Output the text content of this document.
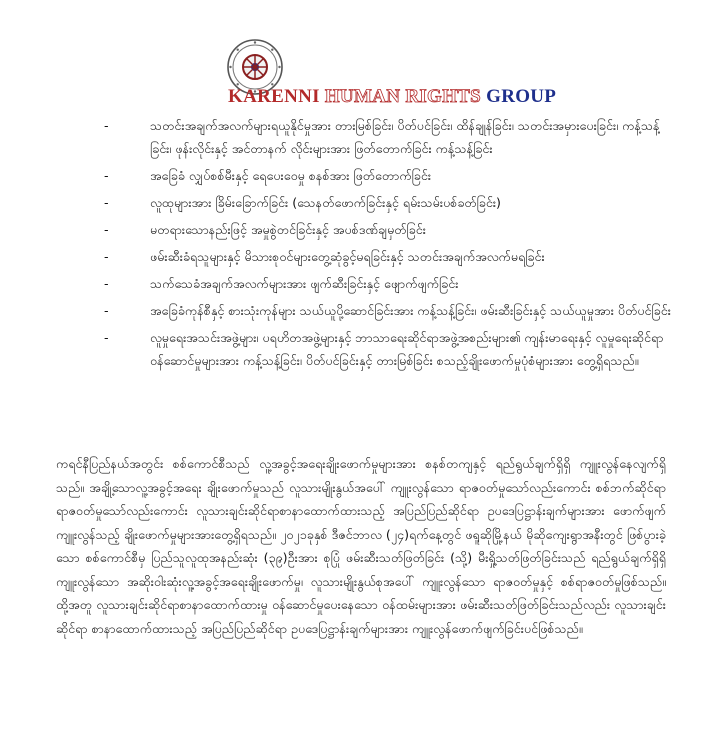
KARENNI HUMAN RIGHTS GROUP
-	သတင်းအချက်အလက်များရယူနိုင်မှုအား တားမြစ်ခြင်း၊ ပိတ်ပင်ခြင်း၊ ထိန်ချုန်ခြင်း၊ သတင်းအမှားပေးခြင်း၊ ကန့်သန့်ခြင်း၊ ဖုန်းလိုင်းနှင့် အင်တာနက် လိုင်းများအား ဖြတ်တောက်ခြင်း ကန့်သန့်ခြင်း
-	အခြေခံ လျှပ်စစ်မီးနှင့် ရေပေးဝေမှု စနစ်အား ဖြတ်တောက်ခြင်း
-	လူထုများအား ခြိမ်းခြောက်ခြင်း (သေနတ်ဖောက်ခြင်းနှင့် ရမ်းသမ်းပစ်ခတ်ခြင်း)
-	မတရားသောနည်းဖြင့် အမှုစွဲတင်ခြင်းနှင့် အပစ်ဒဏ်ချမှတ်ခြင်း
-	ဖမ်းဆီးခံရသူများနှင့် မိသားစုဝင်များတွေ့ဆုံခွင့်မရခြင်းနှင့် သတင်းအချက်အလက်မရခြင်း
-	သက်သေခံအချက်အလက်များအား ဖျက်ဆီးခြင်းနှင့် ဖျောက်ဖျက်ခြင်း
-	အခြေခံကုန်စီနှင့် စားသုံးကုန်များ သယ်ယူပို့ဆောင်ခြင်းအား ကန့်သန့်ခြင်း၊ ဖမ်းဆီးခြင်းနှင့် သယ်ယူမှုအား ပိတ်ပင်ခြင်း
-	လူမှုရေးအသင်းအဖွဲ့များ၊ ပရဟိတအဖွဲ့များနှင့် ဘာသာရေးဆိုင်ရာအဖွဲ့အစည်းများ၏ ကျန်းမာရေးနှင့် လူမှုရေးဆိုင်ရာ ဝန်ဆောင်မှုများအား ကန့်သန့်ခြင်း၊ ပိတ်ပင်ခြင်းနှင့် တားမြစ်ခြင်း စသည့်ချိုးဖောက်မှုပုံစံများအား တွေ့ရှိရသည်။
ကရင်နီပြည်နယ်အတွင်း စစ်ကောင်စီသည် လူ့အခွင့်အရေးချိုးဖောက်မှုများအား စနစ်တကျနှင့် ရည်ရွယ်ချက်ရှိရှိ ကျူးလွန်နေလျက်ရှိသည်။ အချို့သောလူ့အခွင့်အရေး ချိုးဖောက်မှုသည် လူသားမျိုးနွယ်အပေါ် ကျူးလွန်သော ရာဇဝတ်မှုသော်လည်းကောင်း စစ်ဘက်ဆိုင်ရာ ရာဇဝတ်မှုသော်လည်းကောင်း လူသားချင်းဆိုင်ရာစာနာထောက်ထားသည့် အပြည်ပြည်ဆိုင်ရာ ဥပဒေပြဋ္ဌာန်းချက်များအား ဖောက်ဖျက်ကျူးလွန်သည့် ချိုးဖောက်မှုများအားတွေ့ရှိရသည်။ ၂၀၂၁ခုနှစ် ဒီဇင်ဘာလ (၂၄)ရက်နေ့တွင် ဖရူဆိုမြို့နယ် မိုဆိုကျေးရွာအနီးတွင် ဖြစ်ပွားခဲ့သော စစ်ကောင်စီမှ ပြည်သူလူထုအနည်းဆုံး (၃၉)ဦးအား စုပြုံ ဖမ်းဆီးသတ်ဖြတ်ခြင်း (သို့) မီးရှို့သတ်ဖြတ်ခြင်းသည် ရည်ရွယ်ချက်ရှိရှိကျူးလွန်သော အဆိုးဝါးဆုံးလူ့အခွင့်အရေးချိုးဖောက်မှု၊ လူသားမျိုးနွယ်စုအပေါ် ကျူးလွန်သော ရာဇဝတ်မှုနှင့် စစ်ရာဇဝတ်မှုဖြစ်သည်။ ထို့အတူ လူသားချင်းဆိုင်ရာစာနာထောက်ထားမှု ဝန်ဆောင်မှုပေးနေသော ဝန်ထမ်းများအား ဖမ်းဆီးသတ်ဖြတ်ခြင်းသည်လည်း လူသားချင်းဆိုင်ရာ စာနာထောက်ထားသည့် အပြည်ပြည်ဆိုင်ရာ ဥပဒေပြဋ္ဌာန်းချက်များအား ကျူးလွန်ဖောက်ဖျက်ခြင်းပင်ဖြစ်သည်။
